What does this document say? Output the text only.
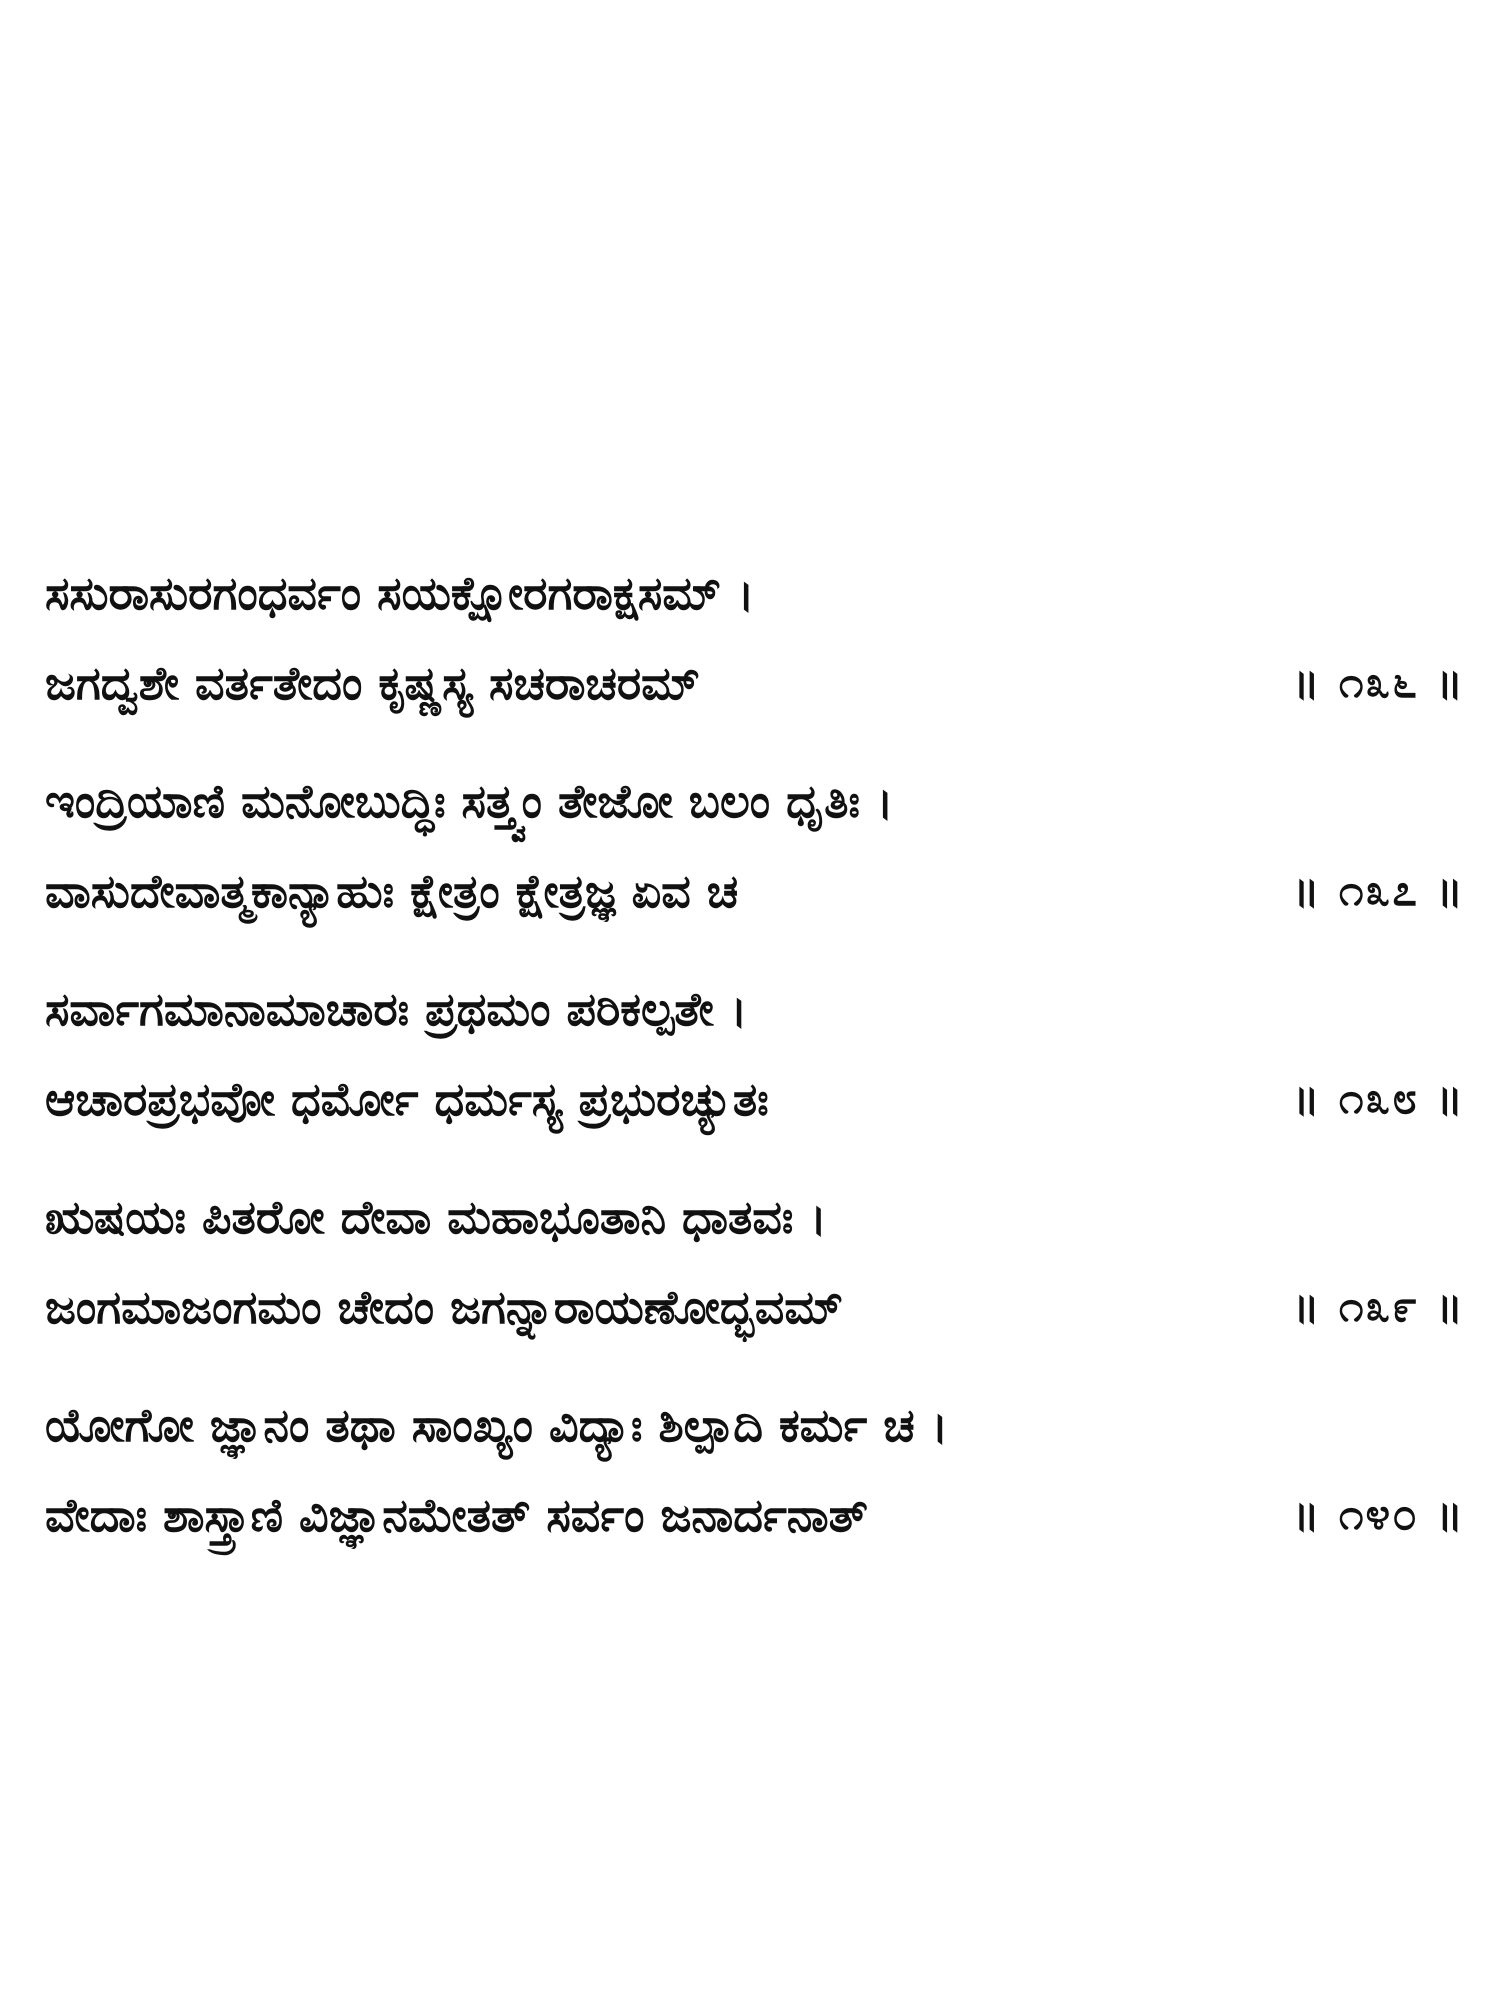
ಸಸುರಾಸುರಗಂಧರ್ವಂ ಸಯಕ್ಷೋರಗರಾಕ್ಷಸಮ್ ।
ಜಗದ್ವಶೇ ವರ್ತತೇದಂ ಕೃಷ್ಣಸ್ಯ ಸಚರಾಚರಮ್	॥ ೧೩೬ ॥
ಇಂದ್ರಿಯಾಣಿ ಮನೋಬುದ್ಧಿಃ ಸತ್ತ್ವಂ ತೇಜೋ ಬಲಂ ಧೃತಿಃ ।
ವಾಸುದೇವಾತ್ಮಕಾನ್ಯಾಹುಃ ಕ್ಷೇತ್ರಂ ಕ್ಷೇತ್ರಜ್ಞ ಏವ ಚ	॥ ೧೩೭ ॥
ಸರ್ವಾಗಮಾನಾಮಾಚಾರಃ ಪ್ರಥಮಂ ಪರಿಕಲ್ಪತೇ ।
ಆಚಾರಪ್ರಭವೋ ಧರ್ಮೋ ಧರ್ಮಸ್ಯ ಪ್ರಭುರಚ್ಯುತಃ	॥ ೧೩೮ ॥
ಋಷಯಃ ಪಿತರೋ ದೇವಾ ಮಹಾಭೂತಾನಿ ಧಾತವಃ ।
ಜಂಗಮಾಜಂಗಮಂ ಚೇದಂ ಜಗನ್ನಾರಾಯಣೋದ್ಭವಮ್	॥ ೧೩೯ ॥
ಯೋಗೋ ಜ್ಞಾನಂ ತಥಾ ಸಾಂಖ್ಯಂ ವಿದ್ಯಾಃ ಶಿಲ್ಪಾದಿ ಕರ್ಮ ಚ ।
ವೇದಾಃ ಶಾಸ್ತ್ರಾಣಿ ವಿಜ್ಞಾನಮೇತತ್ ಸರ್ವಂ ಜನಾರ್ದನಾತ್	॥ ೧೪೦ ॥
